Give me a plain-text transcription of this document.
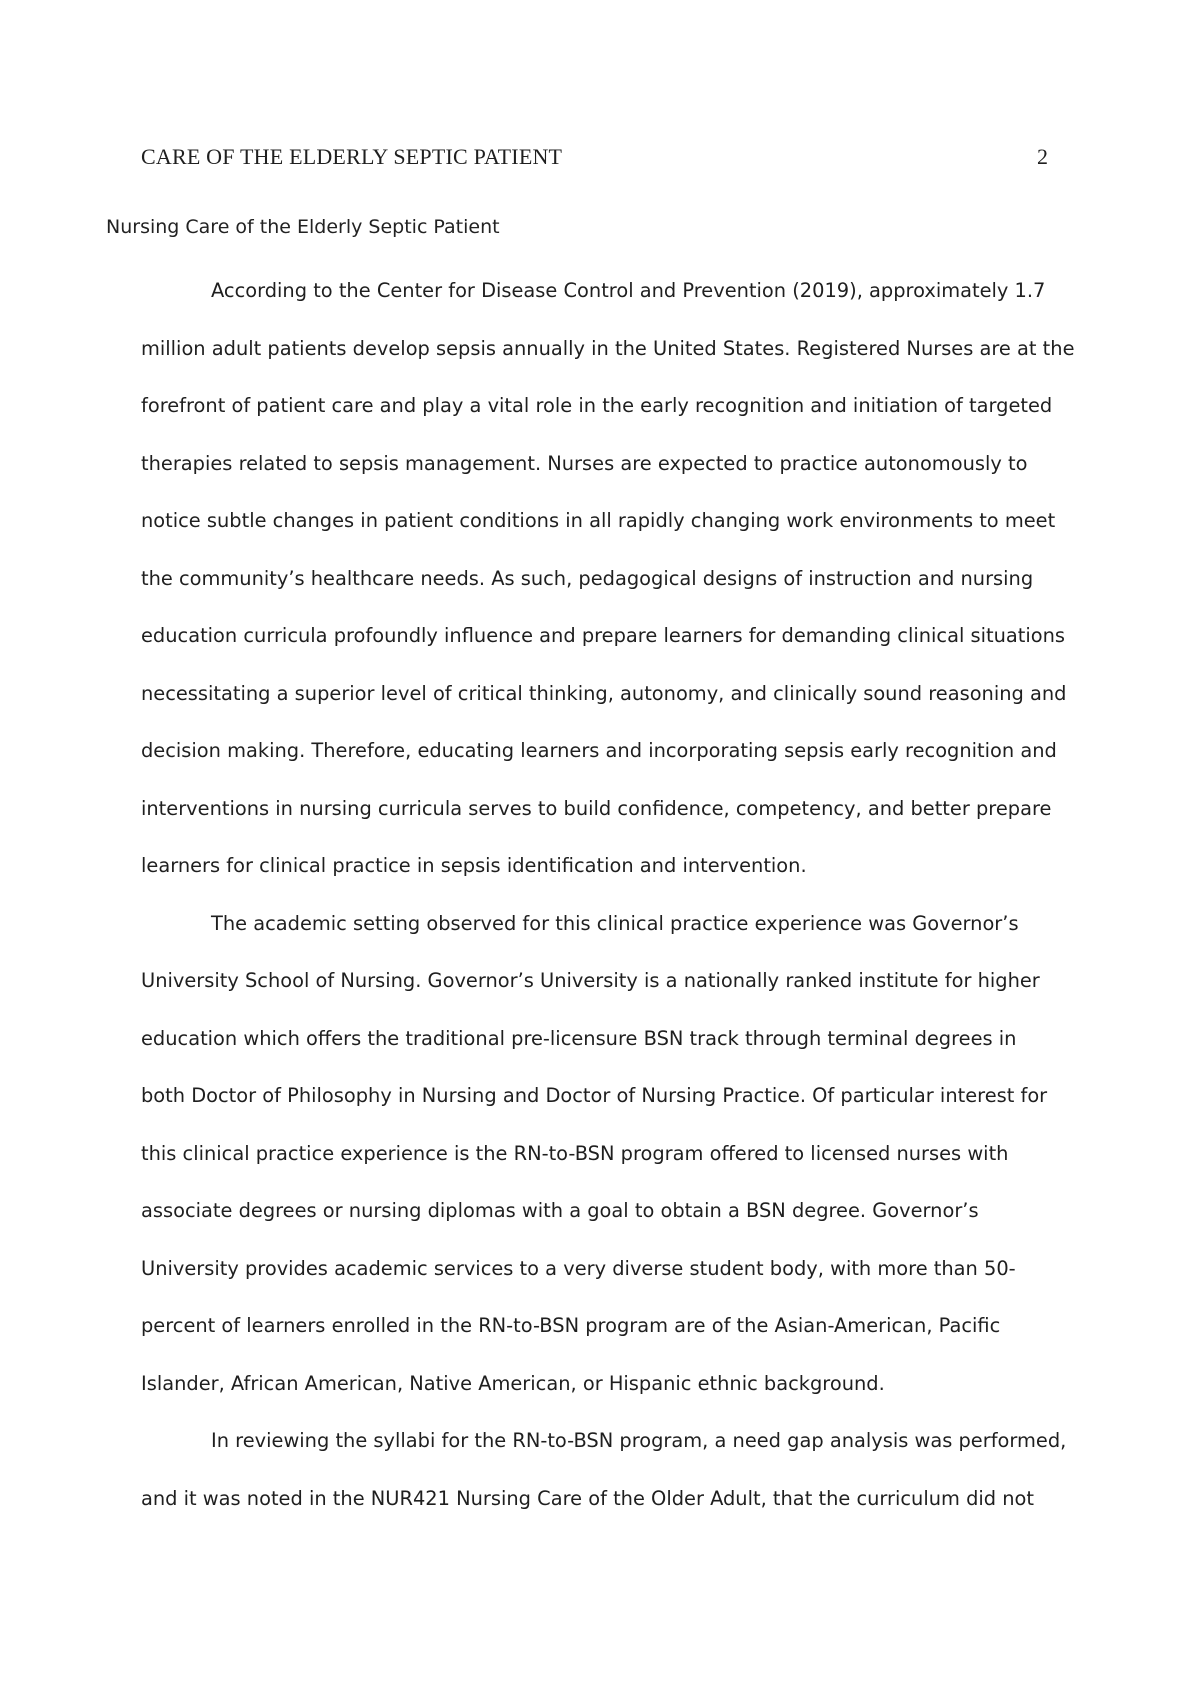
CARE OF THE ELDERLY SEPTIC PATIENT	2
Nursing Care of the Elderly Septic Patient
According to the Center for Disease Control and Prevention (2019), approximately 1.7
million adult patients develop sepsis annually in the United States. Registered Nurses are at the
forefront of patient care and play a vital role in the early recognition and initiation of targeted
therapies related to sepsis management. Nurses are expected to practice autonomously to
notice subtle changes in patient conditions in all rapidly changing work environments to meet
the community’s healthcare needs. As such, pedagogical designs of instruction and nursing
education curricula profoundly influence and prepare learners for demanding clinical situations
necessitating a superior level of critical thinking, autonomy, and clinically sound reasoning and
decision making. Therefore, educating learners and incorporating sepsis early recognition and
interventions in nursing curricula serves to build confidence, competency, and better prepare
learners for clinical practice in sepsis identification and intervention.
The academic setting observed for this clinical practice experience was Governor’s
University School of Nursing. Governor’s University is a nationally ranked institute for higher
education which offers the traditional pre-licensure BSN track through terminal degrees in
both Doctor of Philosophy in Nursing and Doctor of Nursing Practice. Of particular interest for
this clinical practice experience is the RN-to-BSN program offered to licensed nurses with
associate degrees or nursing diplomas with a goal to obtain a BSN degree. Governor’s
University provides academic services to a very diverse student body, with more than 50-
percent of learners enrolled in the RN-to-BSN program are of the Asian-American, Pacific
Islander, African American, Native American, or Hispanic ethnic background.
In reviewing the syllabi for the RN-to-BSN program, a need gap analysis was performed,
and it was noted in the NUR421 Nursing Care of the Older Adult, that the curriculum did not
